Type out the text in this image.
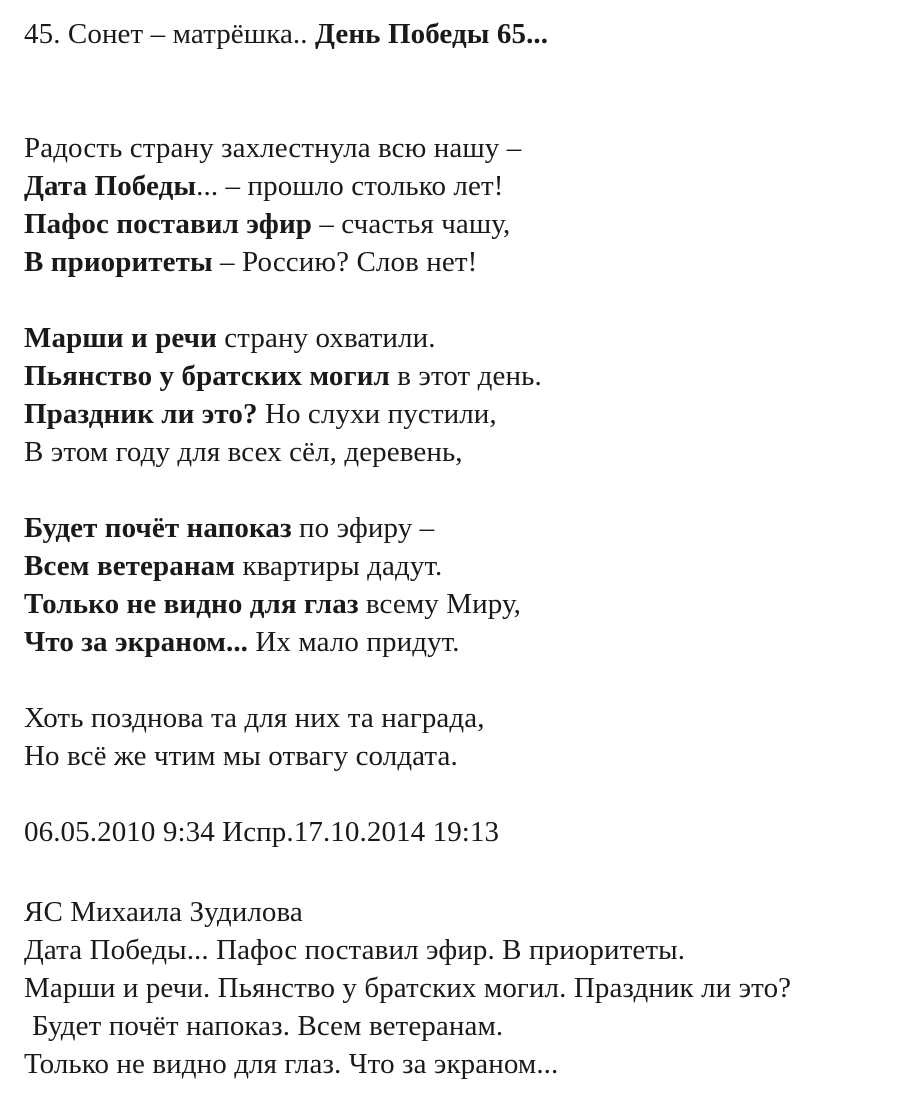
45. Сонет – матрёшка.. День Победы 65...
Радость страну захлестнула всю нашу –
Дата Победы... – прошло столько лет!
Пафос поставил эфир – счастья чашу,
В приоритеты – Россию? Слов нет!
Марши и речи страну охватили.
Пьянство у братских могил в этот день.
Праздник ли это? Но слухи пустили,
В этом году для всех сёл, деревень,
Будет почёт напоказ по эфиру –
Всем ветеранам квартиры дадут.
Только не видно для глаз всему Миру,
Что за экраном... Их мало придут.
Хоть позднова та для них та награда,
Но всё же чтим мы отвагу солдата.
06.05.2010 9:34 Испр.17.10.2014 19:13
ЯС Михаила Зудилова
Дата Победы... Пафос поставил эфир. В приоритеты.
Марши и речи. Пьянство у братских могил. Праздник ли это?
Будет почёт напоказ. Всем ветеранам.
Только не видно для глаз. Что за экраном...
